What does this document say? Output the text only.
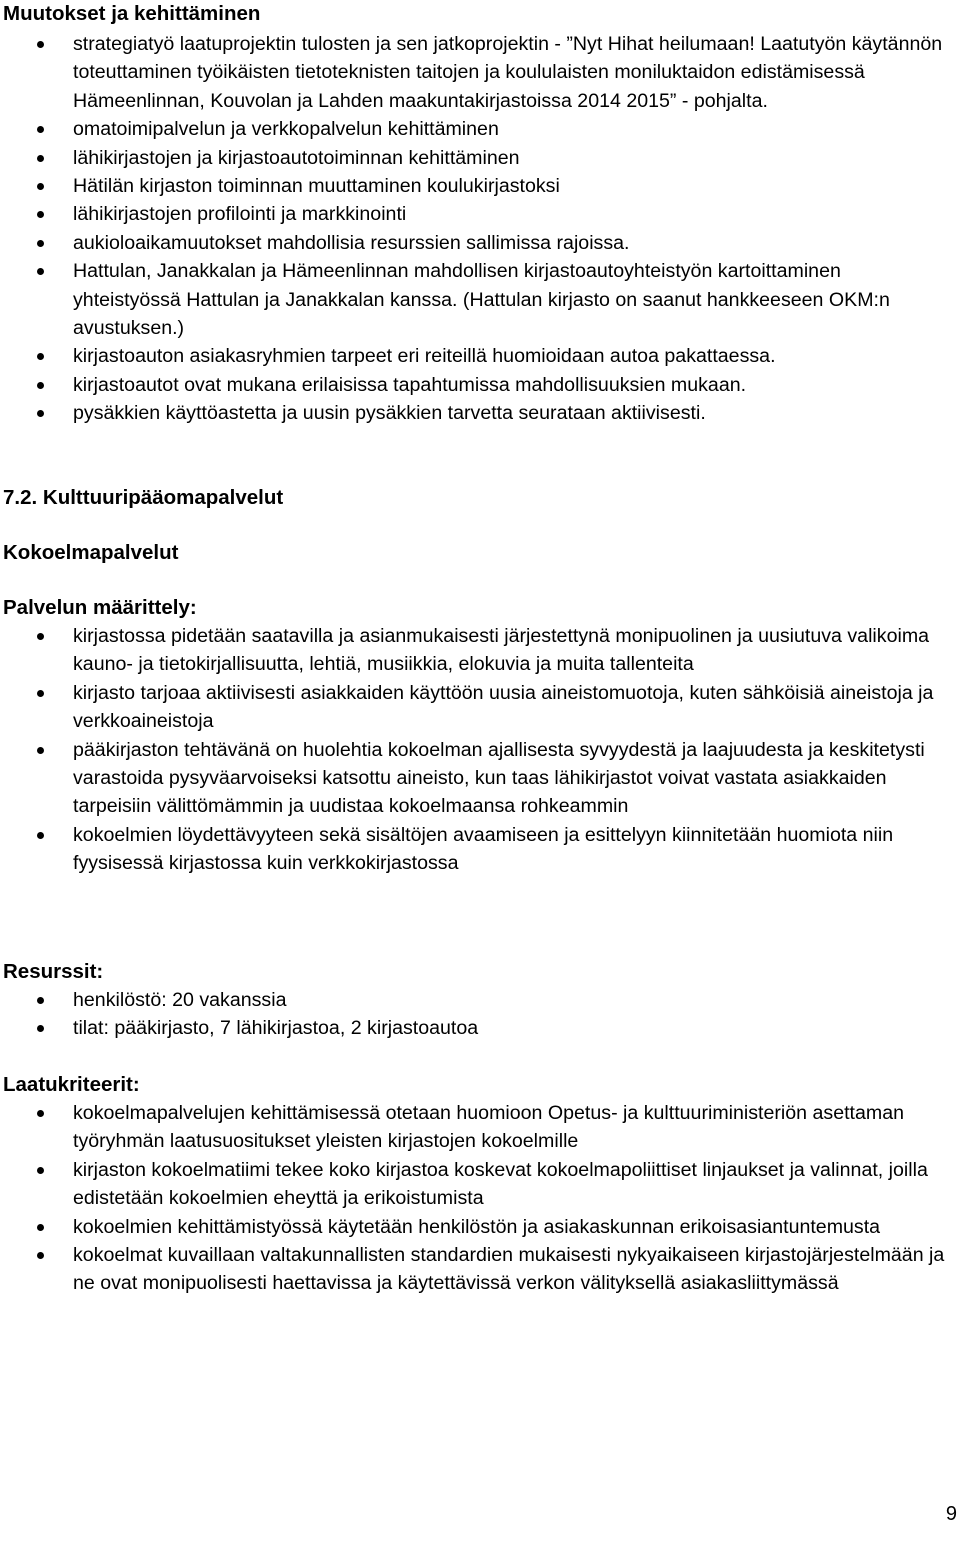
Muutokset ja kehittäminen
strategiatyö laatuprojektin tulosten ja sen jatkoprojektin - ”Nyt Hihat heilumaan! Laatutyön käytännön toteuttaminen työikäisten tietoteknisten taitojen ja koululaisten moniluktaidon edistämisessä Hämeenlinnan, Kouvolan ja Lahden maakuntakirjastoissa 2014 2015” - pohjalta.
omatoimipalvelun ja verkkopalvelun kehittäminen
lähikirjastojen ja kirjastoautotoiminnan kehittäminen
Hätilän kirjaston toiminnan muuttaminen koulukirjastoksi
lähikirjastojen profilointi ja markkinointi
aukioloaikamuutokset mahdollisia resurssien sallimissa rajoissa.
Hattulan, Janakkalan ja Hämeenlinnan mahdollisen kirjastoautoyhteistyön kartoittaminen yhteistyössä Hattulan ja Janakkalan kanssa. (Hattulan kirjasto on saanut hankkeeseen OKM:n avustuksen.)
kirjastoauton asiakasryhmien tarpeet eri reiteillä huomioidaan autoa pakattaessa.
kirjastoautot ovat mukana erilaisissa tapahtumissa mahdollisuuksien mukaan.
pysäkkien käyttöastetta ja uusin pysäkkien tarvetta seurataan aktiivisesti.
7.2. Kulttuuripääomapalvelut
Kokoelmapalvelut
Palvelun määrittely:
kirjastossa pidetään saatavilla ja asianmukaisesti järjestettynä monipuolinen ja uusiutuva valikoima kauno- ja tietokirjallisuutta, lehtiä, musiikkia, elokuvia ja muita tallenteita
kirjasto tarjoaa aktiivisesti asiakkaiden käyttöön uusia aineistomuotoja, kuten sähköisiä aineistoja ja verkkoaineistoja
pääkirjaston tehtävänä on huolehtia kokoelman ajallisesta syvyydestä ja laajuudesta ja keskitetysti varastoida pysyväarvoiseksi katsottu aineisto, kun taas lähikirjastot voivat vastata asiakkaiden tarpeisiin välittömämmin ja uudistaa kokoelmaansa rohkeammin
kokoelmien löydettävyyteen sekä sisältöjen avaamiseen ja esittelyyn kiinnitetään huomiota niin fyysisessä kirjastossa kuin verkkokirjastossa
Resurssit:
henkilöstö: 20 vakanssia
tilat: pääkirjasto, 7 lähikirjastoa, 2 kirjastoautoa
Laatukriteerit:
kokoelmapalvelujen kehittämisessä otetaan huomioon Opetus- ja kulttuuriministeriön asettaman työryhmän laatusuositukset yleisten kirjastojen kokoelmille
kirjaston kokoelmatiimi tekee koko kirjastoa koskevat kokoelmapoliittiset linjaukset ja valinnat, joilla edistetään kokoelmien eheyttä ja erikoistumista
kokoelmien kehittämistyössä käytetään henkilöstön ja asiakaskunnan erikoisasiantuntemusta
kokoelmat kuvaillaan valtakunnallisten standardien mukaisesti nykyaikaiseen kirjastojärjestelmään ja ne ovat monipuolisesti haettavissa ja käytettävissä verkon välityksellä asiakasliittymässä
9
